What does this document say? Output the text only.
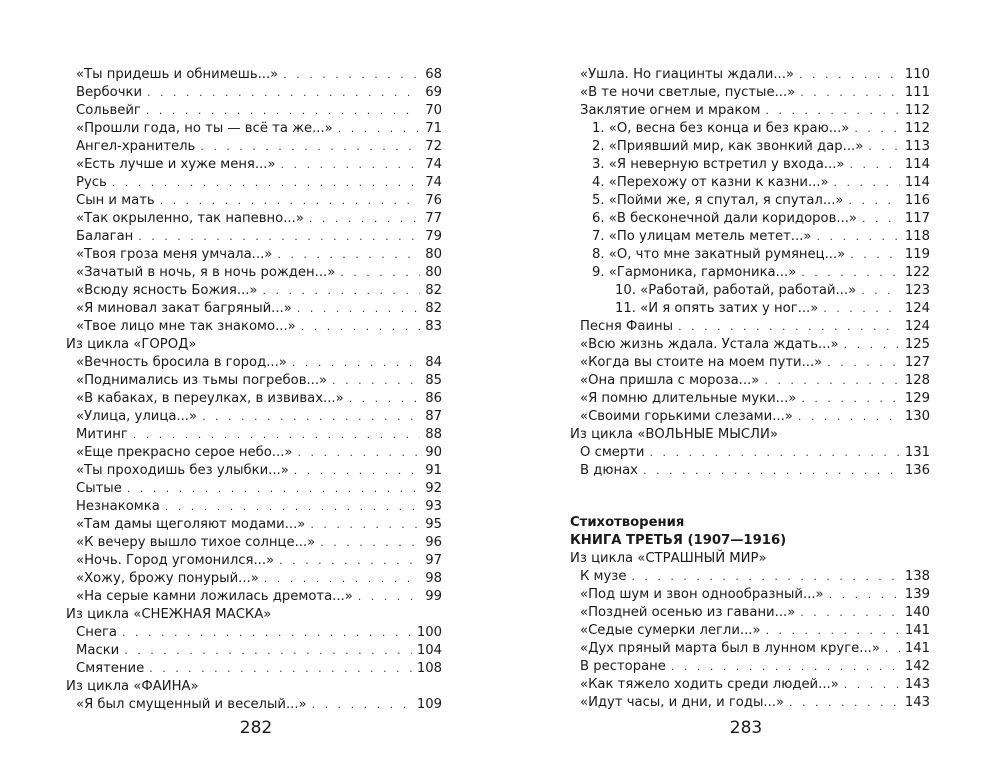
«Ты придешь и обнимешь...» . . .	68
Вербочки . . .	69
Сольвейг . . .	70
«Прошли года, но ты — всё та же...» . . .	71
Ангел-хранитель . . .	72
«Есть лучше и хуже меня...» . . .	74
Русь . . .	74
Сын и мать . . .	76
«Так окрыленно, так напевно...» . . .	77
Балаган . . .	79
«Твоя гроза меня умчала...» . . .	80
«Зачатый в ночь, я в ночь рожден...» . . .	80
«Всюду ясность Божия...» . . .	82
«Я миновал закат багряный...» . . .	82
«Твое лицо мне так знакомо...» . . .	83
Из цикла «ГОРОД»
«Вечность бросила в город...» . . .	84
«Поднимались из тьмы погребов...» . . .	85
«В кабаках, в переулках, в извивах...» . . .	86
«Улица, улица...» . . .	87
Митинг . . .	88
«Еще прекрасно серое небо...» . . .	90
«Ты проходишь без улыбки...» . . .	91
Сытые . . .	92
Незнакомка . . .	93
«Там дамы щеголяют модами...» . . .	95
«К вечеру вышло тихое солнце...» . . .	96
«Ночь. Город угомонился...» . . .	97
«Хожу, брожу понурый...» . . .	98
«На серые камни ложилась дремота...» . . .	99
Из цикла «СНЕЖНАЯ МАСКА»
Снега . . .	100
Маски . . .	104
Смятение . . .	108
Из цикла «ФАИНА»
«Я был смущенный и веселый...» . . .	109
282
«Ушла. Но гиацинты ждали...» . . .	110
«В те ночи светлые, пустые...» . . .	111
Заклятие огнем и мраком . . .	112
1. «О, весна без конца и без краю...» . . .	112
2. «Приявший мир, как звонкий дар...» . . .	113
3. «Я неверную встретил у входа...» . . .	114
4. «Перехожу от казни к казни...» . . .	114
5. «Пойми же, я спутал, я спутал...» . . .	116
6. «В бесконечной дали коридоров...» . . .	117
7. «По улицам метель метет...» . . .	118
8. «О, что мне закатный румянец...» . . .	119
9. «Гармоника, гармоника...» . . .	122
10. «Работай, работай, работай...» . . .	123
11. «И я опять затих у ног...» . . .	124
Песня Фаины . . .	124
«Всю жизнь ждала. Устала ждать...» . . .	125
«Когда вы стоите на моем пути...» . . .	127
«Она пришла с мороза...» . . .	128
«Я помню длительные муки...» . . .	129
«Своими горькими слезами...» . . .	130
Из цикла «ВОЛЬНЫЕ МЫСЛИ»
О смерти . . .	131
В дюнах . . .	136
Стихотворения
КНИГА ТРЕТЬЯ (1907—1916)
Из цикла «СТРАШНЫЙ МИР»
К музе . . .	138
«Под шум и звон однообразный...» . . .	139
«Поздней осенью из гавани...» . . .	140
«Седые сумерки легли...» . . .	141
«Дух пряный марта был в лунном круге...» . . . 141
В ресторане . . .	142
«Как тяжело ходить среди людей...» . . .	143
«Идут часы, и дни, и годы...» . . .	143
283
